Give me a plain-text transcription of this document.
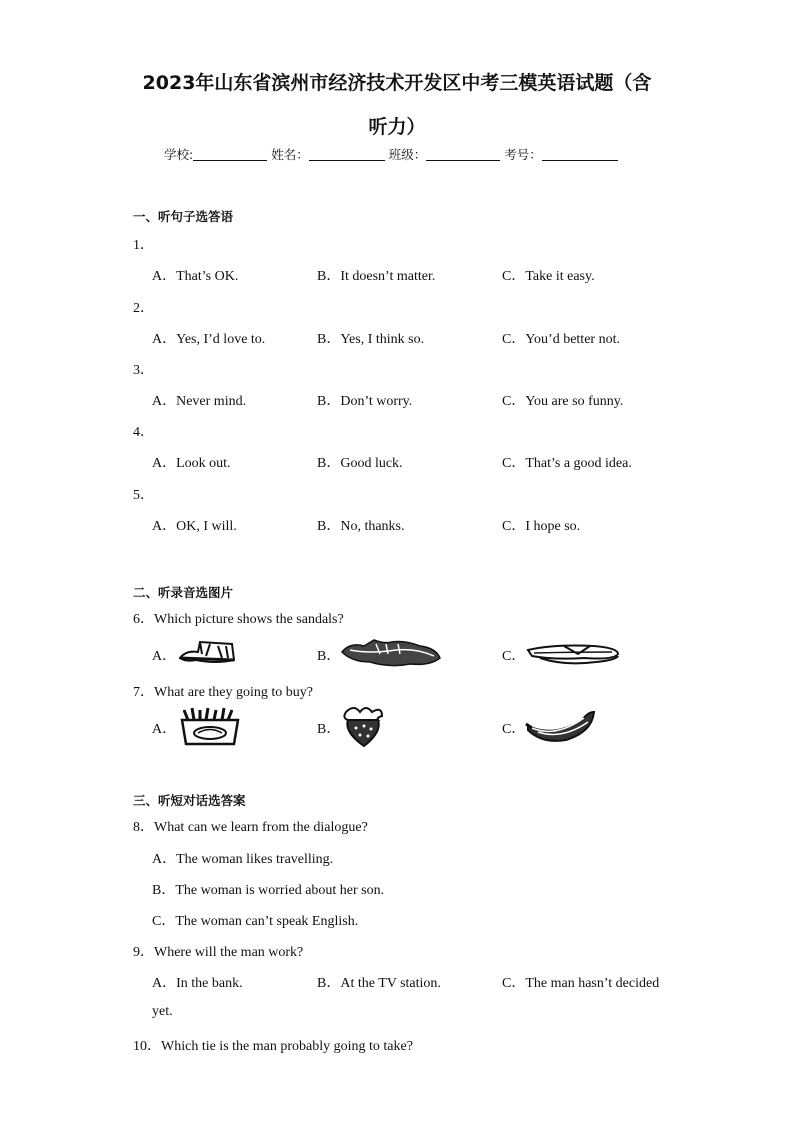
2023年山东省滨州市经济技术开发区中考三模英语试题（含
听力）
学校:	姓名：	班级：	考号：
一、听句子选答语
1．
A．That’s OK.	B．It doesn’t matter.	C．Take it easy.
2．
A．Yes, I’d love to.	B．Yes, I think so.	C．You’d better not.
3．
A．Never mind.	B．Don’t worry.	C．You are so funny.
4．
A．Look out.	B．Good luck.	C．That’s a good idea.
5．
A．OK, I will.	B．No, thanks.	C．I hope so.
二、听录音选图片
6．Which picture shows the sandals?
A．	B．	C．
7．What are they going to buy?
A．	B．	C．
三、听短对话选答案
8．What can we learn from the dialogue?
A．The woman likes travelling.
B．The woman is worried about her son.
C．The woman can’t speak English.
9．Where will the man work?
A．In the bank.	B．At the TV station.	C．The man hasn’t decided
yet.
10．Which tie is the man probably going to take?
